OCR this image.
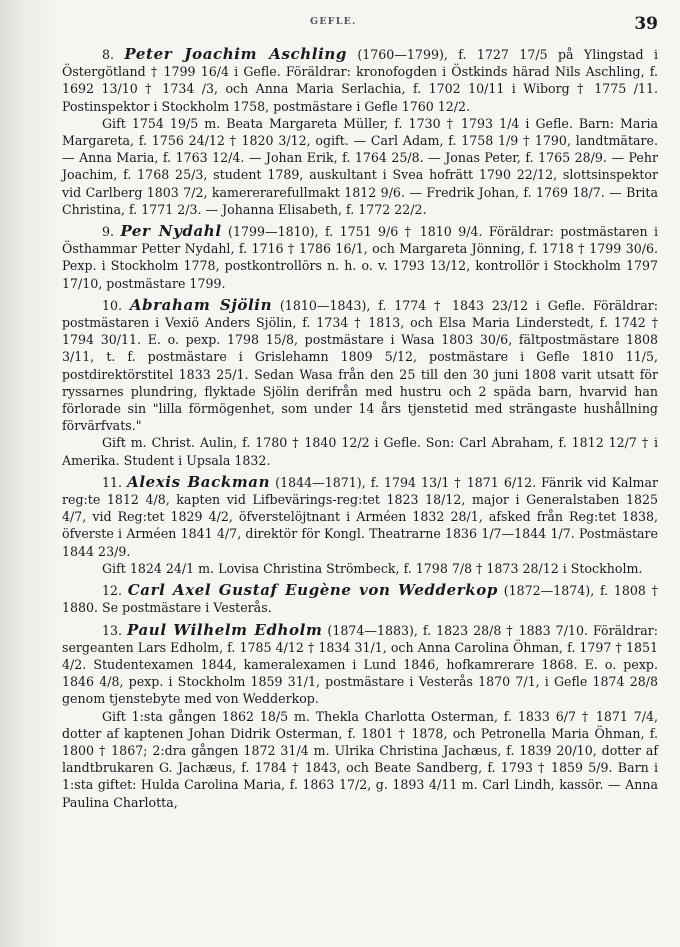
GEFLE.	39

8. Peter Joachim Aschling (1760—1799), f. 1727 17/5 på Ylingstad i Östergötland † 1799 16/4 i Gefle. Föräldrar: kronofogden i Östkinds härad Nils Aschling, f. 1692 13/10 † 1734 /3, och Anna Maria Serlachia, f. 1702 10/11 i Wiborg † 1775 /11. Postinspektor i Stockholm 1758, postmästare i Gefle 1760 12/2.

Gift 1754 19/5 m. Beata Margareta Müller, f. 1730 † 1793 1/4 i Gefle. Barn: Maria Margareta, f. 1756 24/12 † 1820 3/12, ogift. — Carl Adam, f. 1758 1/9 † 1790, landtmätare. — Anna Maria, f. 1763 12/4. — Johan Erik, f. 1764 25/8. — Jonas Peter, f. 1765 28/9. — Pehr Joachim, f. 1768 25/3, student 1789, auskultant i Svea hofrätt 1790 22/12, slottsinspektor vid Carlberg 1803 7/2, kamererarefullmakt 1812 9/6. — Fredrik Johan, f. 1769 18/7. — Brita Christina, f. 1771 2/3. — Johanna Elisabeth, f. 1772 22/2.

9. Per Nydahl (1799—1810), f. 1751 9/6 † 1810 9/4. Föräldrar: postmästaren i Östhammar Petter Nydahl, f. 1716 † 1786 16/1, och Margareta Jönning, f. 1718 † 1799 30/6. Pexp. i Stockholm 1778, postkontrollörs n. h. o. v. 1793 13/12, kontrollör i Stockholm 1797 17/10, postmästare 1799.

10. Abraham Sjölin (1810—1843), f. 1774 † 1843 23/12 i Gefle. Föräldrar: postmästaren i Vexiö Anders Sjölin, f. 1734 † 1813, och Elsa Maria Linderstedt, f. 1742 † 1794 30/11. E. o. pexp. 1798 15/8, postmästare i Wasa 1803 30/6, fältpostmästare 1808 3/11, t. f. postmästare i Grislehamn 1809 5/12, postmästare i Gefle 1810 11/5, postdirektörstitel 1833 25/1. Sedan Wasa från den 25 till den 30 juni 1808 varit utsatt för ryssarnes plundring, flyktade Sjölin derifrån med hustru och 2 späda barn, hvarvid han förlorade sin "lilla förmögenhet, som under 14 års tjenstetid med strängaste hushållning förvärfvats."

Gift m. Christ. Aulin, f. 1780 † 1840 12/2 i Gefle. Son: Carl Abraham, f. 1812 12/7 † i Amerika. Student i Upsala 1832.

11. Alexis Backman (1844—1871), f. 1794 13/1 † 1871 6/12. Fänrik vid Kalmar reg:te 1812 4/8, kapten vid Lifbevärings-reg:tet 1823 18/12, major i Generalstaben 1825 4/7, vid Reg:tet 1829 4/2, öfverstelöjtnant i Arméen 1832 28/1, afsked från Reg:tet 1838, öfverste i Arméen 1841 4/7, direktör för Kongl. Theatrarne 1836 1/7—1844 1/7. Postmästare 1844 23/9.

Gift 1824 24/1 m. Lovisa Christina Strömbeck, f. 1798 7/8 † 1873 28/12 i Stockholm.

12. Carl Axel Gustaf Eugène von Wedderkop (1872—1874), f. 1808 † 1880. Se postmästare i Vesterås.

13. Paul Wilhelm Edholm (1874—1883), f. 1823 28/8 † 1883 7/10. Föräldrar: sergeanten Lars Edholm, f. 1785 4/12 † 1834 31/1, och Anna Carolina Öhman, f. 1797 † 1851 4/2. Studentexamen 1844, kameralexamen i Lund 1846, hofkamrerare 1868. E. o. pexp. 1846 4/8, pexp. i Stockholm 1859 31/1, postmästare i Vesterås 1870 7/1, i Gefle 1874 28/8 genom tjenstebyte med von Wedderkop.

Gift 1:sta gången 1862 18/5 m. Thekla Charlotta Osterman, f. 1833 6/7 † 1871 7/4, dotter af kaptenen Johan Didrik Osterman, f. 1801 † 1878, och Petronella Maria Öhman, f. 1800 † 1867; 2:dra gången 1872 31/4 m. Ulrika Christina Jachæus, f. 1839 20/10, dotter af landtbrukaren G. Jachæus, f. 1784 † 1843, och Beate Sandberg, f. 1793 † 1859 5/9. Barn i 1:sta giftet: Hulda Carolina Maria, f. 1863 17/2, g. 1893 4/11 m. Carl Lindh, kassör. — Anna Paulina Charlotta,
